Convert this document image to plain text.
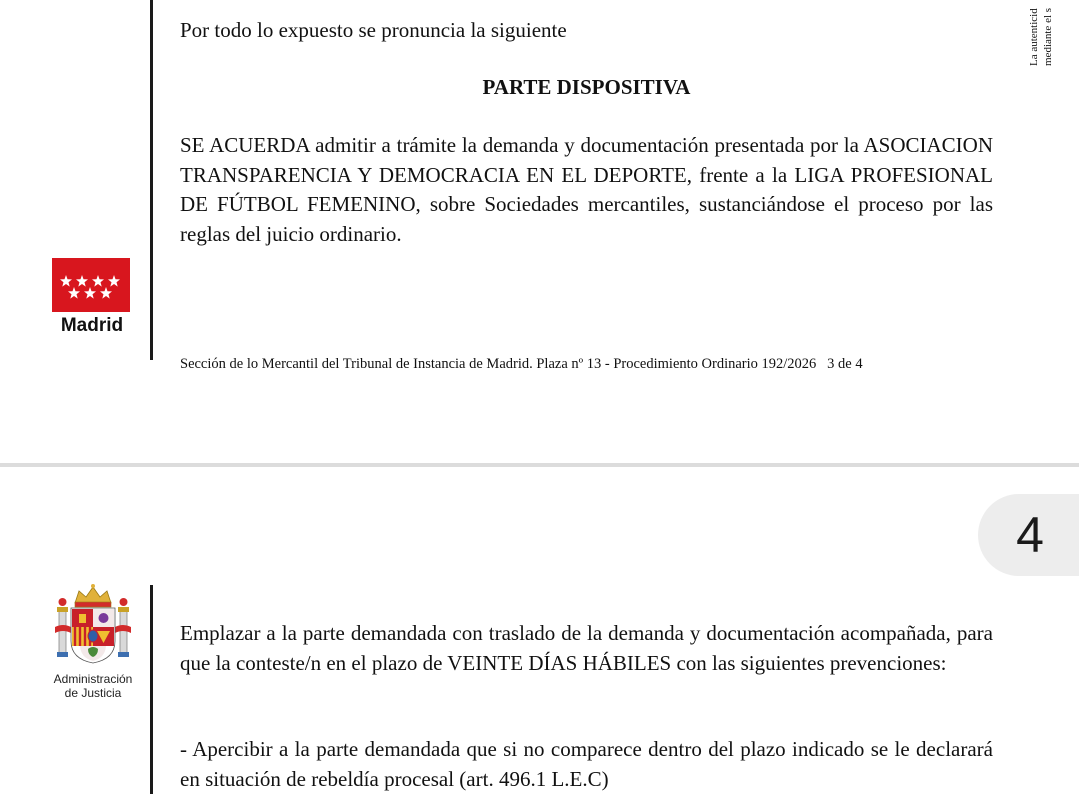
Por todo lo expuesto se pronuncia la siguiente
PARTE DISPOSITIVA
SE ACUERDA admitir a trámite la demanda y documentación presentada por la ASOCIACION TRANSPARENCIA Y DEMOCRACIA EN EL DEPORTE, frente a la LIGA PROFESIONAL DE FÚTBOL FEMENINO, sobre Sociedades mercantiles, sustanciándose el proceso por las reglas del juicio ordinario.
Madrid
Sección de lo Mercantil del Tribunal de Instancia de Madrid. Plaza nº 13 - Procedimiento Ordinario 192/2026   3 de 4
La autenticid mediante el s
4
Administración
de Justicia
Emplazar a la parte demandada con traslado de la demanda y documentación acompañada, para que la conteste/n en el plazo de VEINTE DÍAS HÁBILES con las siguientes prevenciones:
- Apercibir a la parte demandada que si no comparece dentro del plazo indicado se le declarará en situación de rebeldía procesal (art. 496.1 L.E.C)
